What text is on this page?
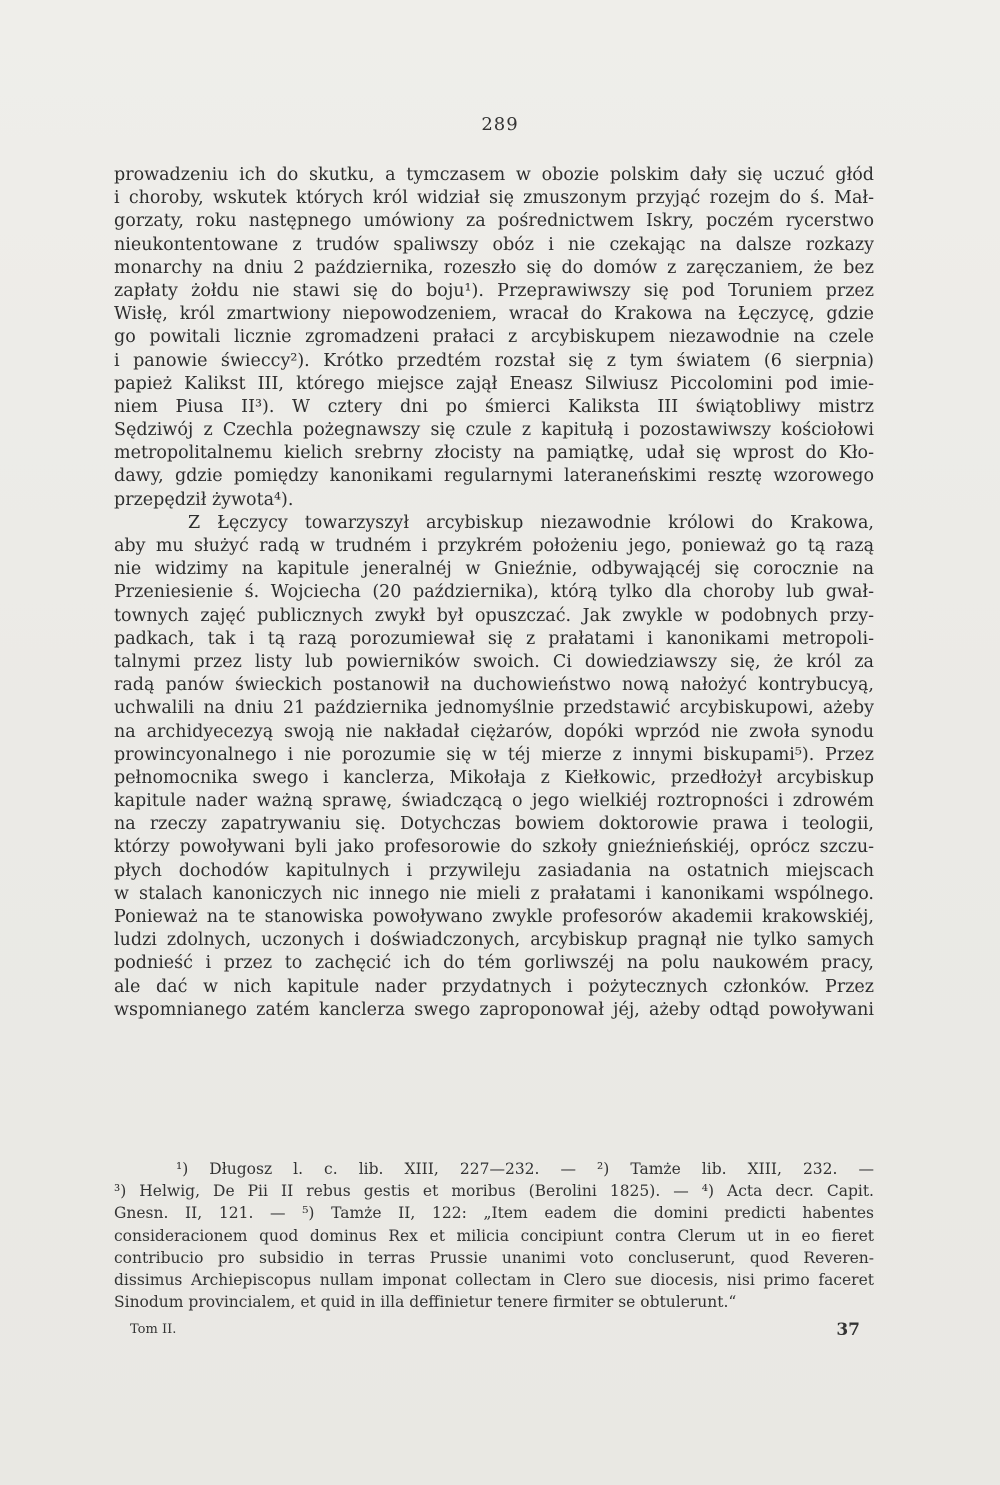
289
prowadzeniu ich do skutku, a tymczasem w obozie polskim dały się uczuć głód
i choroby, wskutek których król widział się zmuszonym przyjąć rozejm do ś. Mał-
gorzaty, roku następnego umówiony za pośrednictwem Iskry, poczém rycerstwo
nieukontentowane z trudów spaliwszy obóz i nie czekając na dalsze rozkazy
monarchy na dniu 2 października, rozeszło się do domów z zaręczaniem, że bez
zapłaty żołdu nie stawi się do boju¹). Przeprawiwszy się pod Toruniem przez
Wisłę, król zmartwiony niepowodzeniem, wracał do Krakowa na Łęczycę, gdzie
go powitali licznie zgromadzeni prałaci z arcybiskupem niezawodnie na czele
i panowie świeccy²). Krótko przedtém rozstał się z tym światem (6 sierpnia)
papież Kalikst III, którego miejsce zajął Eneasz Silwiusz Piccolomini pod imie-
niem Piusa II³). W cztery dni po śmierci Kaliksta III świątobliwy mistrz
Sędziwój z Czechla pożegnawszy się czule z kapitułą i pozostawiwszy kościołowi
metropolitalnemu kielich srebrny złocisty na pamiątkę, udał się wprost do Kło-
dawy, gdzie pomiędzy kanonikami regularnymi lateraneńskimi resztę wzorowego
przepędził żywota⁴).
Z Łęczycy towarzyszył arcybiskup niezawodnie królowi do Krakowa,
aby mu służyć radą w trudném i przykrém położeniu jego, ponieważ go tą razą
nie widzimy na kapitule jeneralnéj w Gnieźnie, odbywającéj się corocznie na
Przeniesienie ś. Wojciecha (20 października), którą tylko dla choroby lub gwał-
townych zajęć publicznych zwykł był opuszczać. Jak zwykle w podobnych przy-
padkach, tak i tą razą porozumiewał się z prałatami i kanonikami metropoli-
talnymi przez listy lub powierników swoich. Ci dowiedziawszy się, że król za
radą panów świeckich postanowił na duchowieństwo nową nałożyć kontrybucyą,
uchwalili na dniu 21 października jednomyślnie przedstawić arcybiskupowi, ażeby
na archidyecezyą swoją nie nakładał ciężarów, dopóki wprzód nie zwoła synodu
prowincyonalnego i nie porozumie się w téj mierze z innymi biskupami⁵). Przez
pełnomocnika swego i kanclerza, Mikołaja z Kiełkowic, przedłożył arcybiskup
kapitule nader ważną sprawę, świadczącą o jego wielkiéj roztropności i zdrowém
na rzeczy zapatrywaniu się. Dotychczas bowiem doktorowie prawa i teologii,
którzy powoływani byli jako profesorowie do szkoły gnieźnieńskiéj, oprócz szczu-
płych dochodów kapitulnych i przywileju zasiadania na ostatnich miejscach
w stalach kanoniczych nic innego nie mieli z prałatami i kanonikami wspólnego.
Ponieważ na te stanowiska powoływano zwykle profesorów akademii krakowskiéj,
ludzi zdolnych, uczonych i doświadczonych, arcybiskup pragnął nie tylko samych
podnieść i przez to zachęcić ich do tém gorliwszéj na polu naukowém pracy,
ale dać w nich kapitule nader przydatnych i pożytecznych członków. Przez
wspomnianego zatém kanclerza swego zaproponował jéj, ażeby odtąd powoływani
¹) Długosz l. c. lib. XIII, 227—232. — ²) Tamże lib. XIII, 232. —
³) Helwig, De Pii II rebus gestis et moribus (Berolini 1825). — ⁴) Acta decr. Capit.
Gnesn. II, 121. — ⁵) Tamże II, 122: „Item eadem die domini predicti habentes
consideracionem quod dominus Rex et milicia concipiunt contra Clerum ut in eo fieret
contribucio pro subsidio in terras Prussie unanimi voto concluserunt, quod Reveren-
dissimus Archiepiscopus nullam imponat collectam in Clero sue diocesis, nisi primo faceret
Sinodum provincialem, et quid in illa deffinietur tenere firmiter se obtulerunt.“
Tom II.	37
